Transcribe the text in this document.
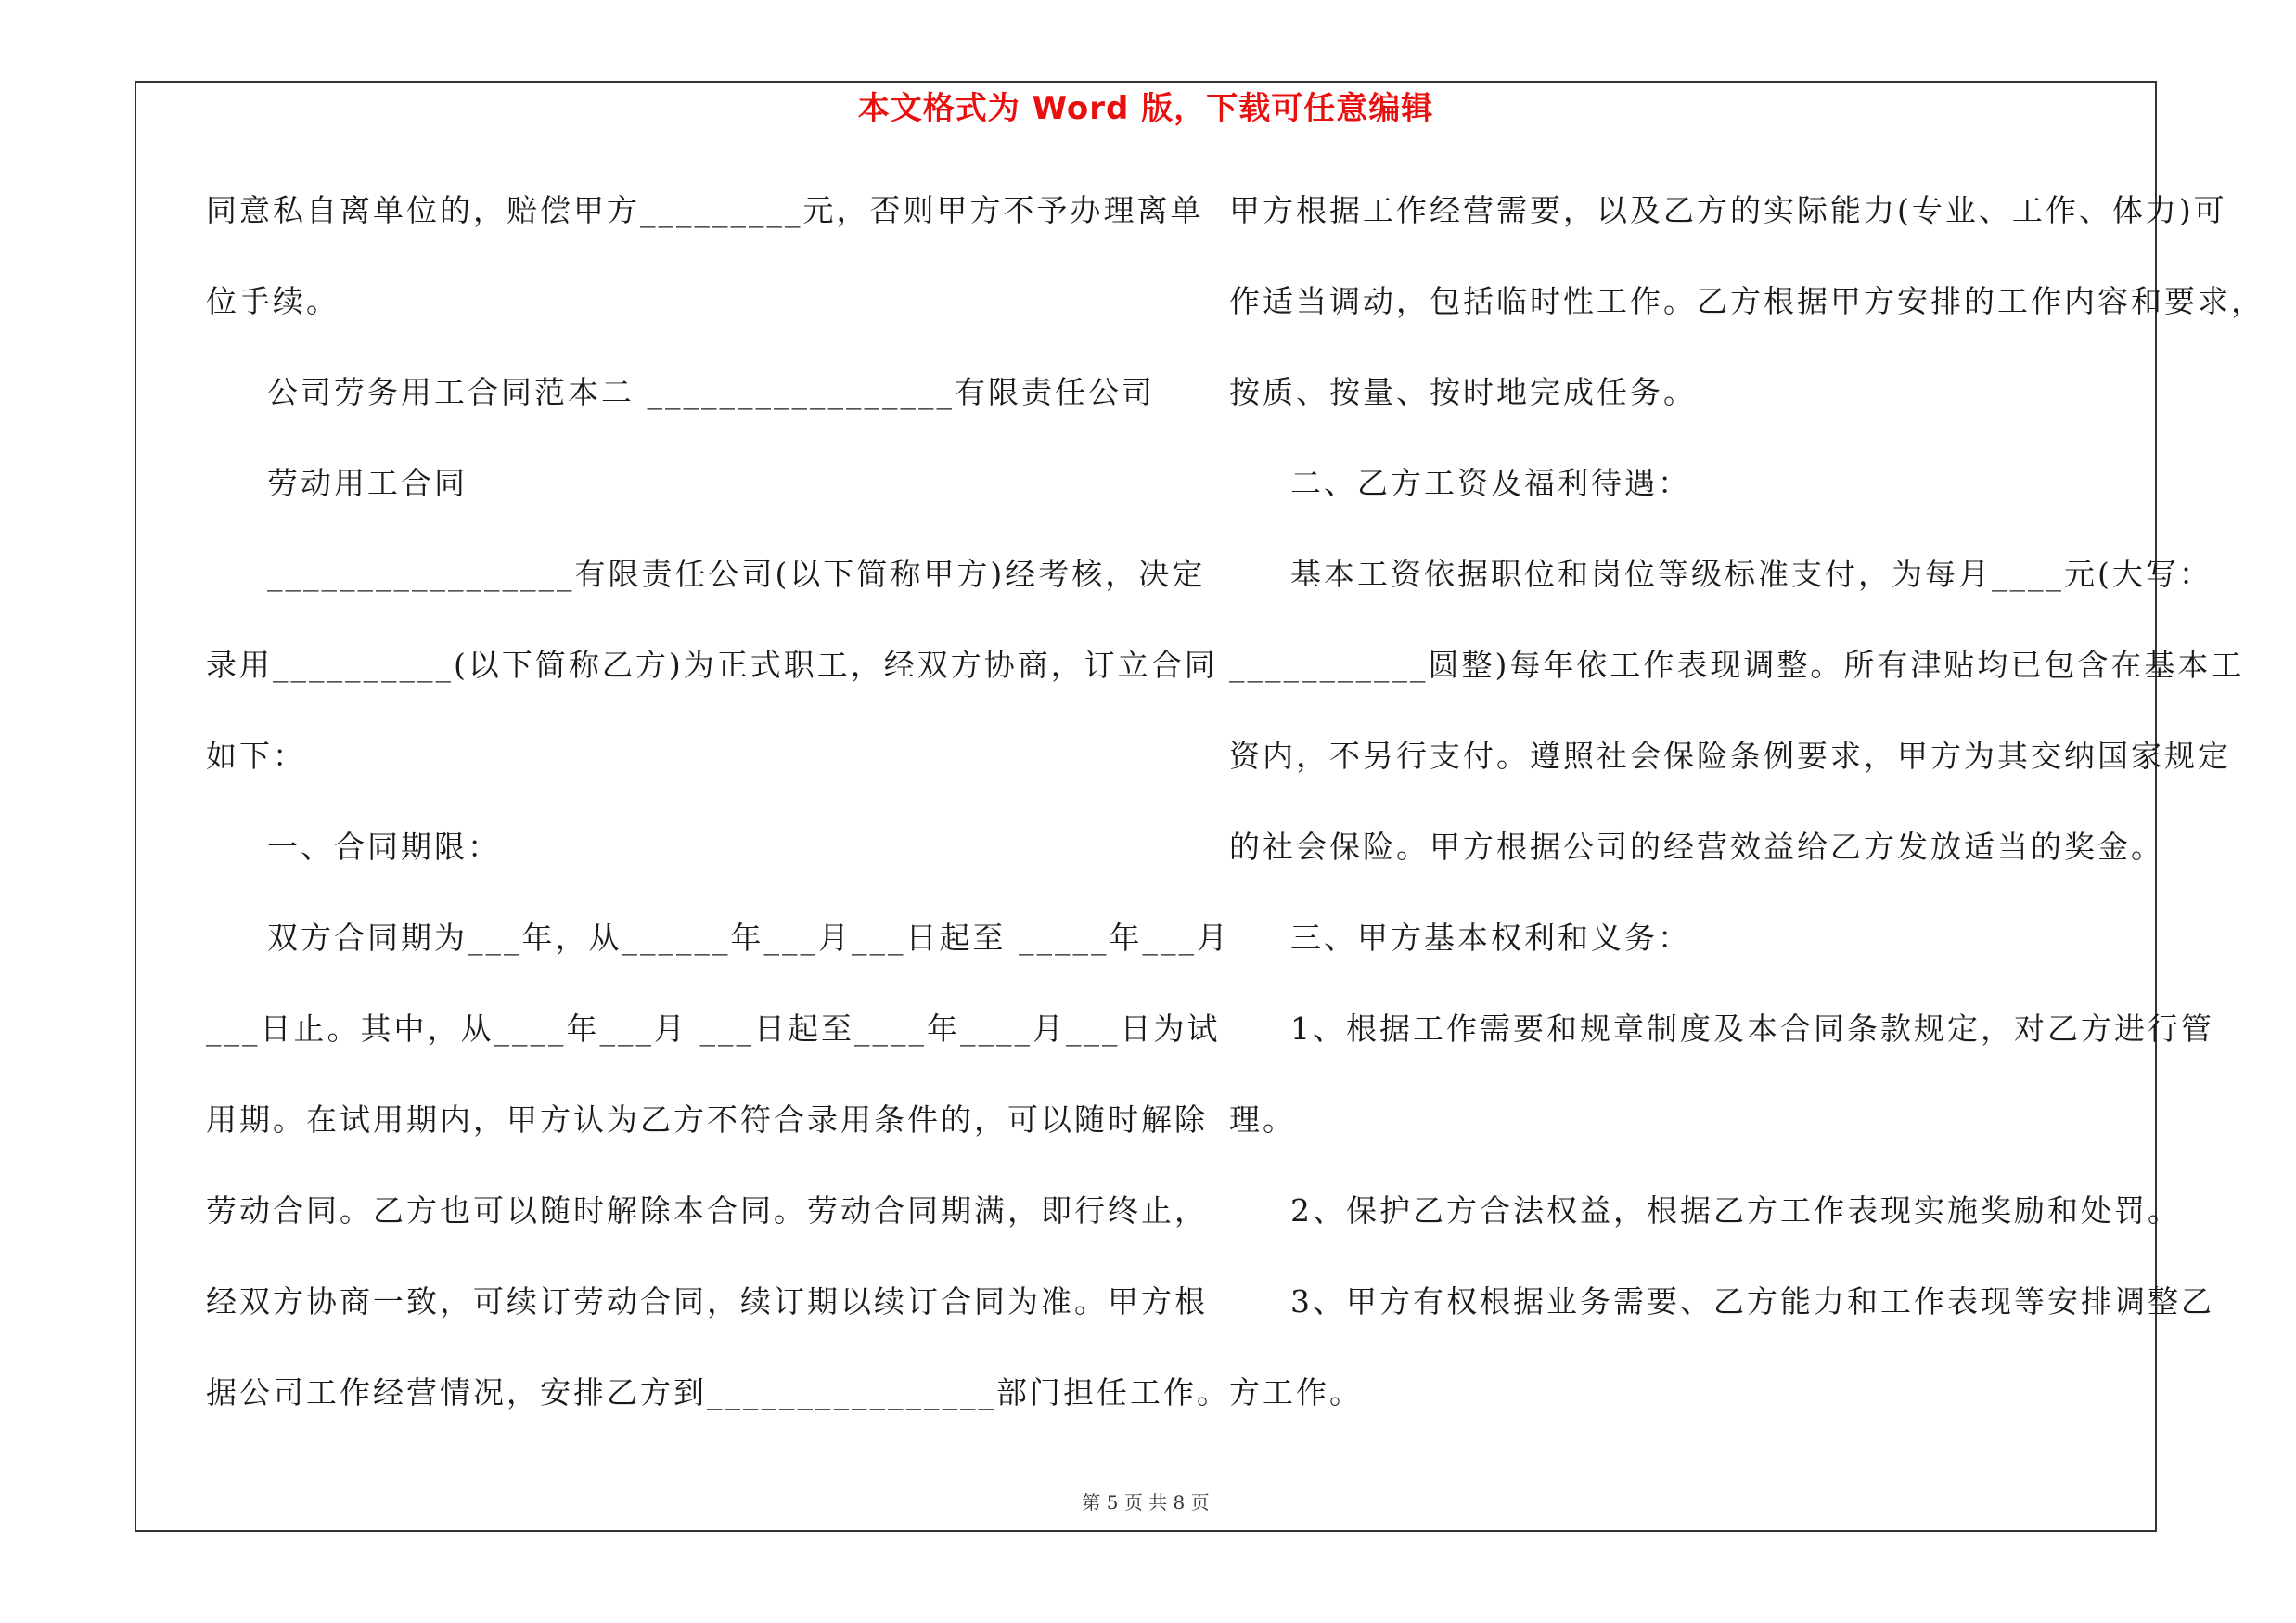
本文格式为 Word 版，下载可任意编辑
同意私自离单位的，赔偿甲方_________元，否则甲方不予办理离单
位手续。
公司劳务用工合同范本二 _________________有限责任公司
劳动用工合同
_________________有限责任公司(以下简称甲方)经考核，决定
录用__________(以下简称乙方)为正式职工，经双方协商，订立合同
如下：
一、合同期限：
双方合同期为___年，从______年___月___日起至 _____年___月
___日止。其中，从____年___月 ___日起至____年____月___日为试
用期。在试用期内，甲方认为乙方不符合录用条件的，可以随时解除
劳动合同。乙方也可以随时解除本合同。劳动合同期满，即行终止，
经双方协商一致，可续订劳动合同，续订期以续订合同为准。甲方根
据公司工作经营情况，安排乙方到________________部门担任工作。
甲方根据工作经营需要，以及乙方的实际能力(专业、工作、体力)可
作适当调动，包括临时性工作。乙方根据甲方安排的工作内容和要求，
按质、按量、按时地完成任务。
二、乙方工资及福利待遇：
基本工资依据职位和岗位等级标准支付，为每月____元(大写：
___________圆整)每年依工作表现调整。所有津贴均已包含在基本工
资内，不另行支付。遵照社会保险条例要求，甲方为其交纳国家规定
的社会保险。甲方根据公司的经营效益给乙方发放适当的奖金。
三、甲方基本权利和义务：
1、根据工作需要和规章制度及本合同条款规定，对乙方进行管
理。
2、保护乙方合法权益，根据乙方工作表现实施奖励和处罚。
3、甲方有权根据业务需要、乙方能力和工作表现等安排调整乙
方工作。
第 5 页 共 8 页
